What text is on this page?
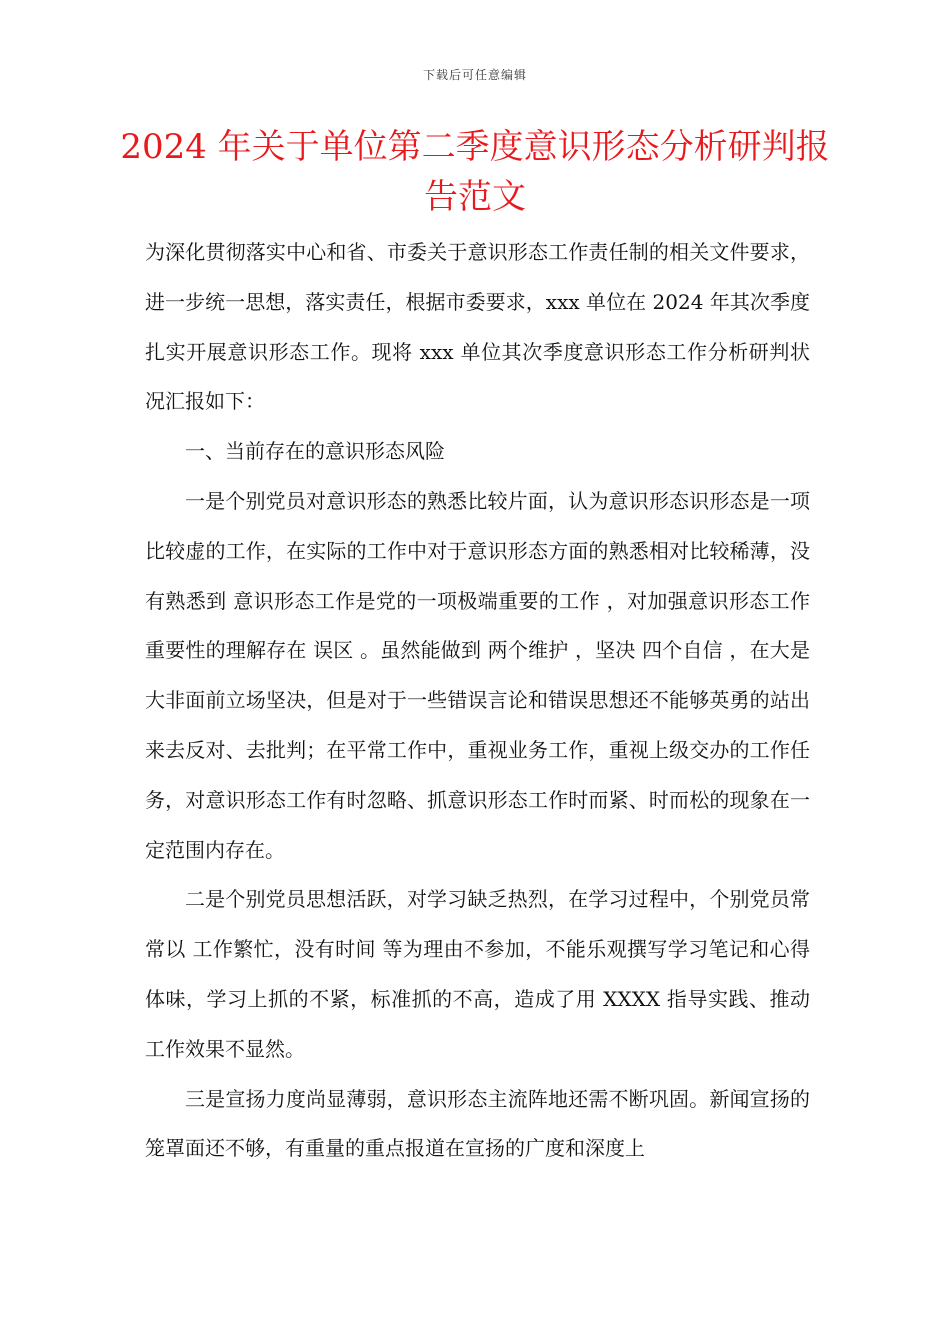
下载后可任意编辑
2024 年关于单位第二季度意识形态分析研判报告范文

为深化贯彻落实中心和省、市委关于意识形态工作责任制的相关文件要求，进一步统一思想，落实责任，根据市委要求，xxx 单位在 2024 年其次季度扎实开展意识形态工作。现将 xxx 单位其次季度意识形态工作分析研判状况汇报如下：

一、当前存在的意识形态风险

一是个别党员对意识形态的熟悉比较片面，认为意识形态识形态是一项比较虚的工作，在实际的工作中对于意识形态方面的熟悉相对比较稀薄，没有熟悉到 意识形态工作是党的一项极端重要的工作 ，对加强意识形态工作重要性的理解存在 误区 。虽然能做到 两个维护 ，坚决 四个自信 ，在大是大非面前立场坚决，但是对于一些错误言论和错误思想还不能够英勇的站出来去反对、去批判；在平常工作中，重视业务工作，重视上级交办的工作任务，对意识形态工作有时忽略、抓意识形态工作时而紧、时而松的现象在一定范围内存在。

二是个别党员思想活跃，对学习缺乏热烈，在学习过程中，个别党员常常以 工作繁忙，没有时间 等为理由不参加，不能乐观撰写学习笔记和心得体味，学习上抓的不紧，标准抓的不高，造成了用 XXXX 指导实践、推动工作效果不显然。

三是宣扬力度尚显薄弱，意识形态主流阵地还需不断巩固。新闻宣扬的笼罩面还不够，有重量的重点报道在宣扬的广度和深度上
